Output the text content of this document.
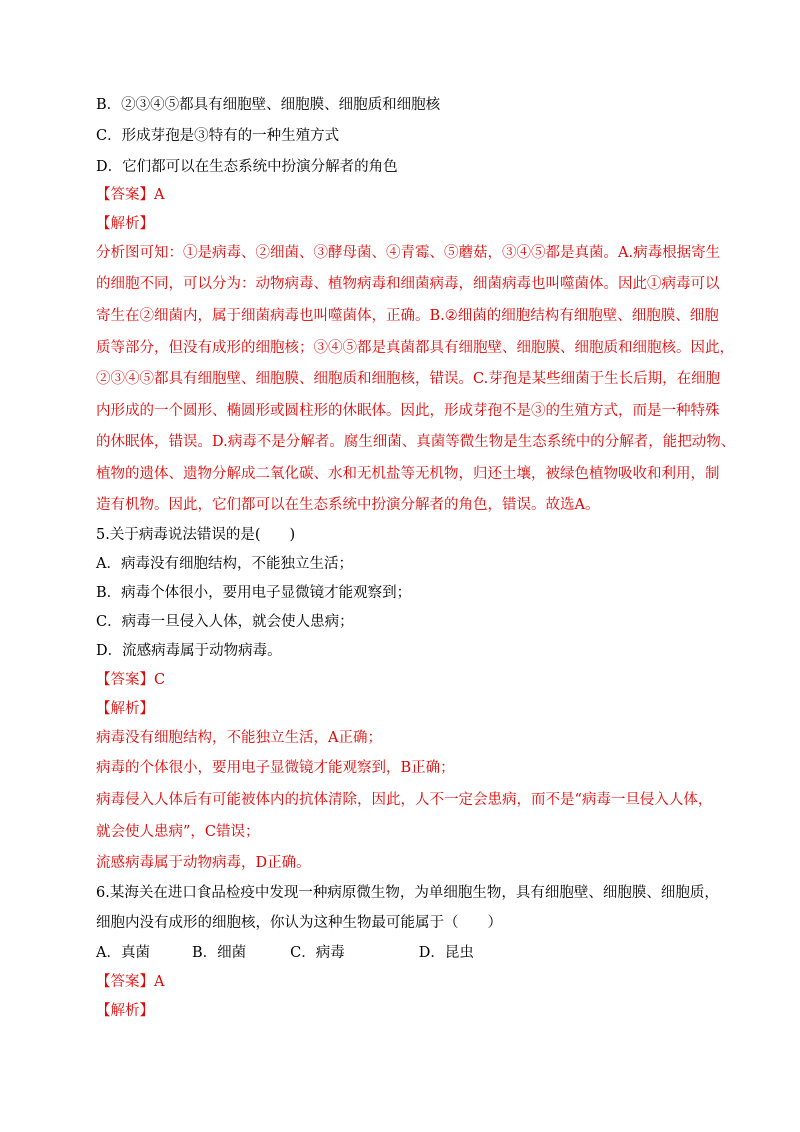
B．②③④⑤都具有细胞壁、细胞膜、细胞质和细胞核
C．形成芽孢是③特有的一种生殖方式
D．它们都可以在生态系统中扮演分解者的角色
【答案】A
【解析】
分析图可知：①是病毒、②细菌、③酵母菌、④青霉、⑤蘑菇，③④⑤都是真菌。A.病毒根据寄生
的细胞不同，可以分为：动物病毒、植物病毒和细菌病毒，细菌病毒也叫噬菌体。因此①病毒可以
寄生在②细菌内，属于细菌病毒也叫噬菌体，正确。B.②细菌的细胞结构有细胞壁、细胞膜、细胞
质等部分，但没有成形的细胞核；③④⑤都是真菌都具有细胞壁、细胞膜、细胞质和细胞核。因此，
②③④⑤都具有细胞壁、细胞膜、细胞质和细胞核，错误。C.芽孢是某些细菌于生长后期，在细胞
内形成的一个圆形、椭圆形或圆柱形的休眠体。因此，形成芽孢不是③的生殖方式，而是一种特殊
的休眠体，错误。D.病毒不是分解者。腐生细菌、真菌等微生物是生态系统中的分解者，能把动物、
植物的遗体、遗物分解成二氧化碳、水和无机盐等无机物，归还土壤，被绿色植物吸收和利用，制
造有机物。因此，它们都可以在生态系统中扮演分解者的角色，错误。故选A。
5.关于病毒说法错误的是(　　)
A．病毒没有细胞结构，不能独立生活；
B．病毒个体很小，要用电子显微镜才能观察到；
C．病毒一旦侵入人体，就会使人患病；
D．流感病毒属于动物病毒。
【答案】C
【解析】
病毒没有细胞结构，不能独立生活，A正确；
病毒的个体很小，要用电子显微镜才能观察到，B正确；
病毒侵入人体后有可能被体内的抗体清除，因此，人不一定会患病，而不是“病毒一旦侵入人体，
就会使人患病”，C错误；
流感病毒属于动物病毒，D正确。
6.某海关在进口食品检疫中发现一种病原微生物，为单细胞生物，具有细胞壁、细胞膜、细胞质，
细胞内没有成形的细胞核，你认为这种生物最可能属于（　　）
A．真菌	B．细菌	C．病毒	D．昆虫
【答案】A
【解析】
